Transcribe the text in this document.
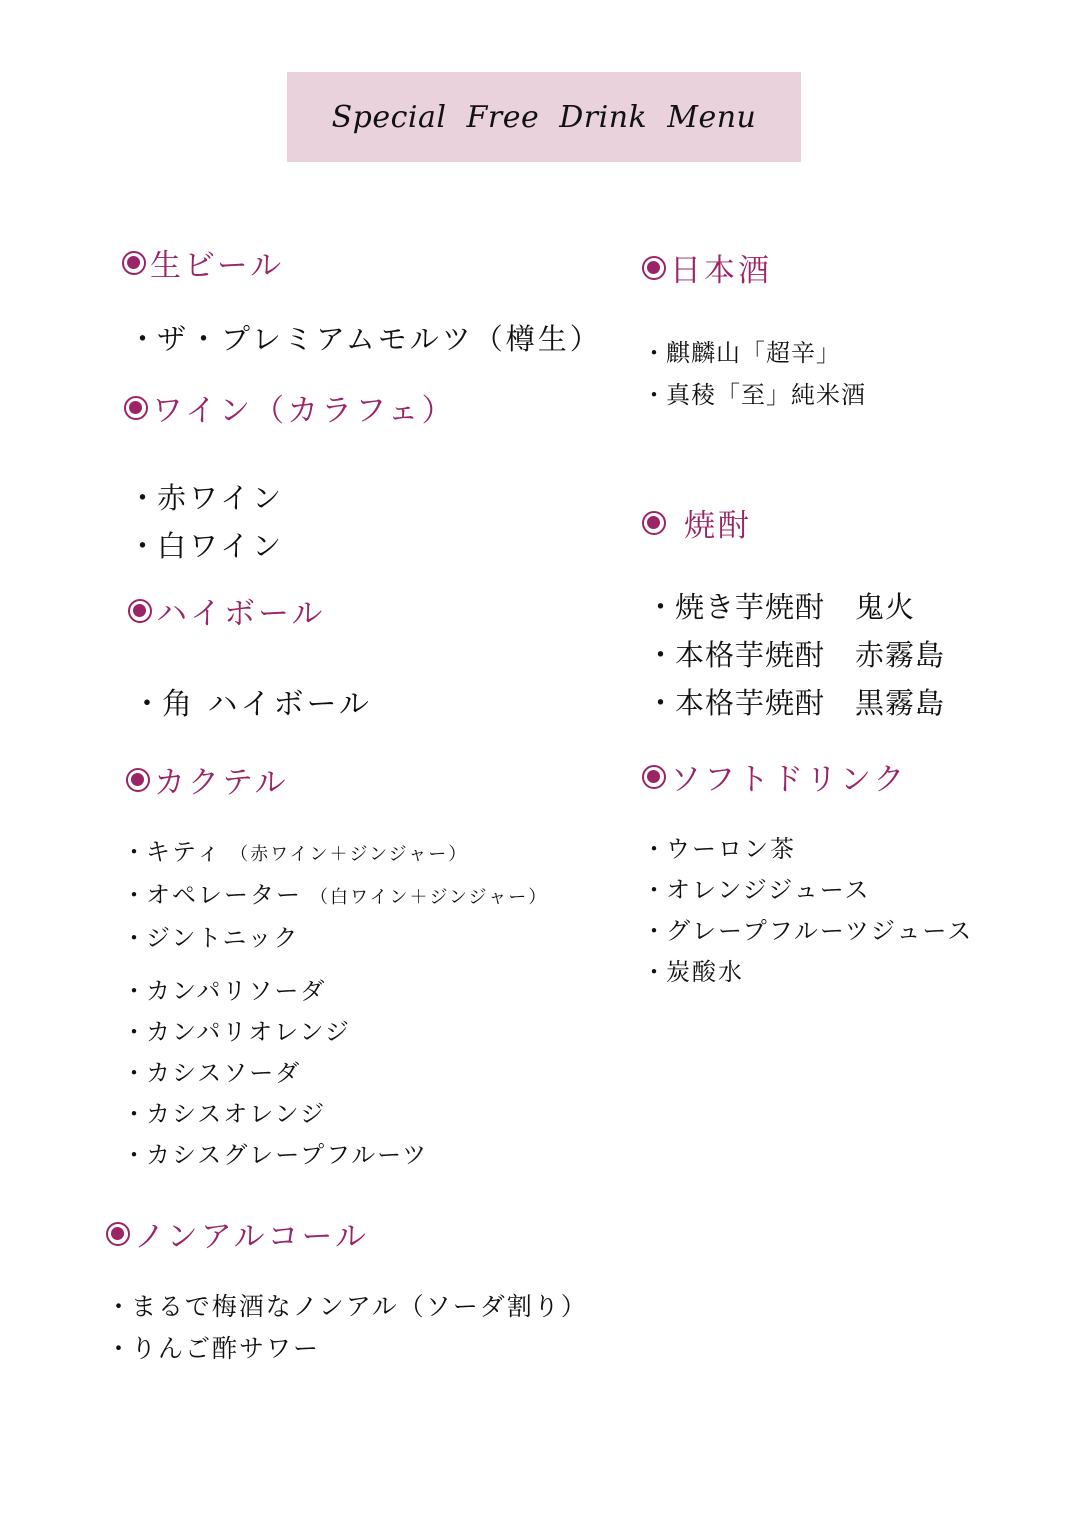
Special Free Drink Menu
生ビール
・ザ・プレミアムモルツ（樽生）
ワイン（カラフェ）
・赤ワイン
・白ワイン
ハイボール
・角 ハイボール
カクテル
・キティ （赤ワイン＋ジンジャー）
・オペレーター （白ワイン＋ジンジャー）
・ジントニック
・カンパリソーダ
・カンパリオレンジ
・カシスソーダ
・カシスオレンジ
・カシスグレープフルーツ
ノンアルコール
・まるで梅酒なノンアル（ソーダ割り）
・りんご酢サワー
日本酒
・麒麟山「超辛」
・真稜「至」純米酒
焼酎
・焼き芋焼酎 鬼火
・本格芋焼酎 赤霧島
・本格芋焼酎 黒霧島
ソフトドリンク
・ウーロン茶
・オレンジジュース
・グレープフルーツジュース
・炭酸水
